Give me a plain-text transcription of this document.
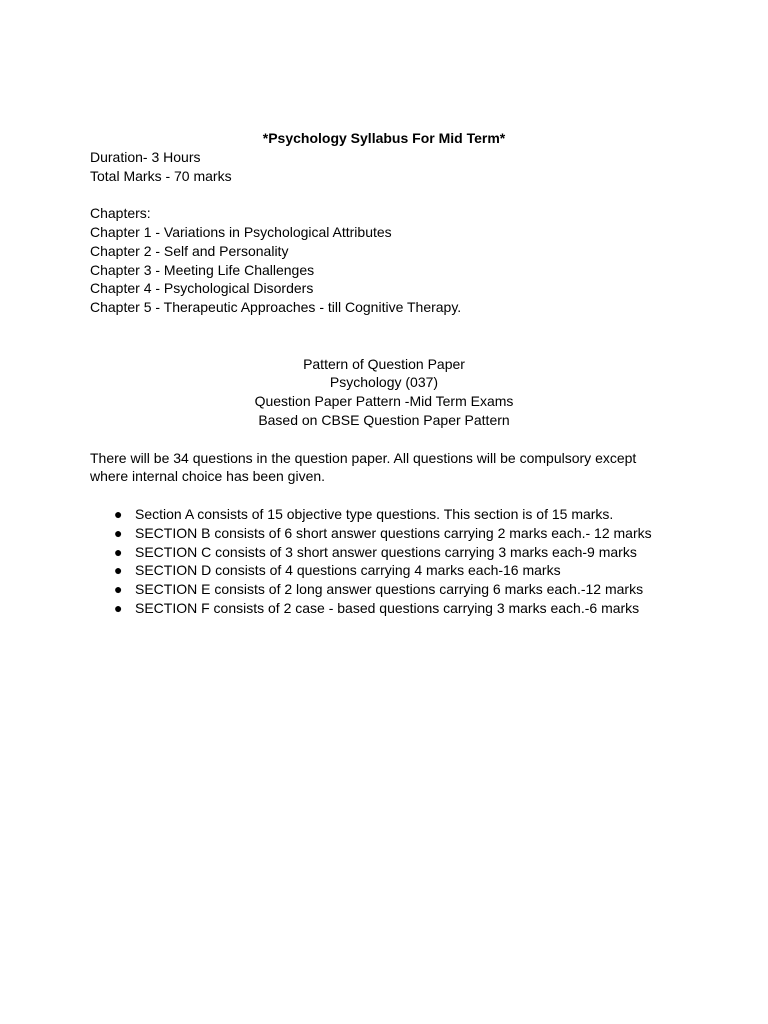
*Psychology Syllabus For Mid Term*
Duration- 3 Hours
Total Marks - 70 marks
Chapters:
Chapter 1 - Variations in Psychological Attributes
Chapter 2 - Self and Personality
Chapter 3 - Meeting Life Challenges
Chapter 4 - Psychological Disorders
Chapter 5 - Therapeutic Approaches - till Cognitive Therapy.
Pattern of Question Paper
Psychology (037)
Question Paper Pattern -Mid Term Exams
Based on CBSE Question Paper Pattern
There will be 34 questions in the question paper. All questions will be compulsory except where internal choice has been given.
● Section A consists of 15 objective type questions. This section is of 15 marks.
● SECTION B consists of 6 short answer questions carrying 2 marks each.- 12 marks
● SECTION C consists of 3 short answer questions carrying 3 marks each-9 marks
● SECTION D consists of 4 questions carrying 4 marks each-16 marks
● SECTION E consists of 2 long answer questions carrying 6 marks each.-12 marks
● SECTION F consists of 2 case - based questions carrying 3 marks each.-6 marks
